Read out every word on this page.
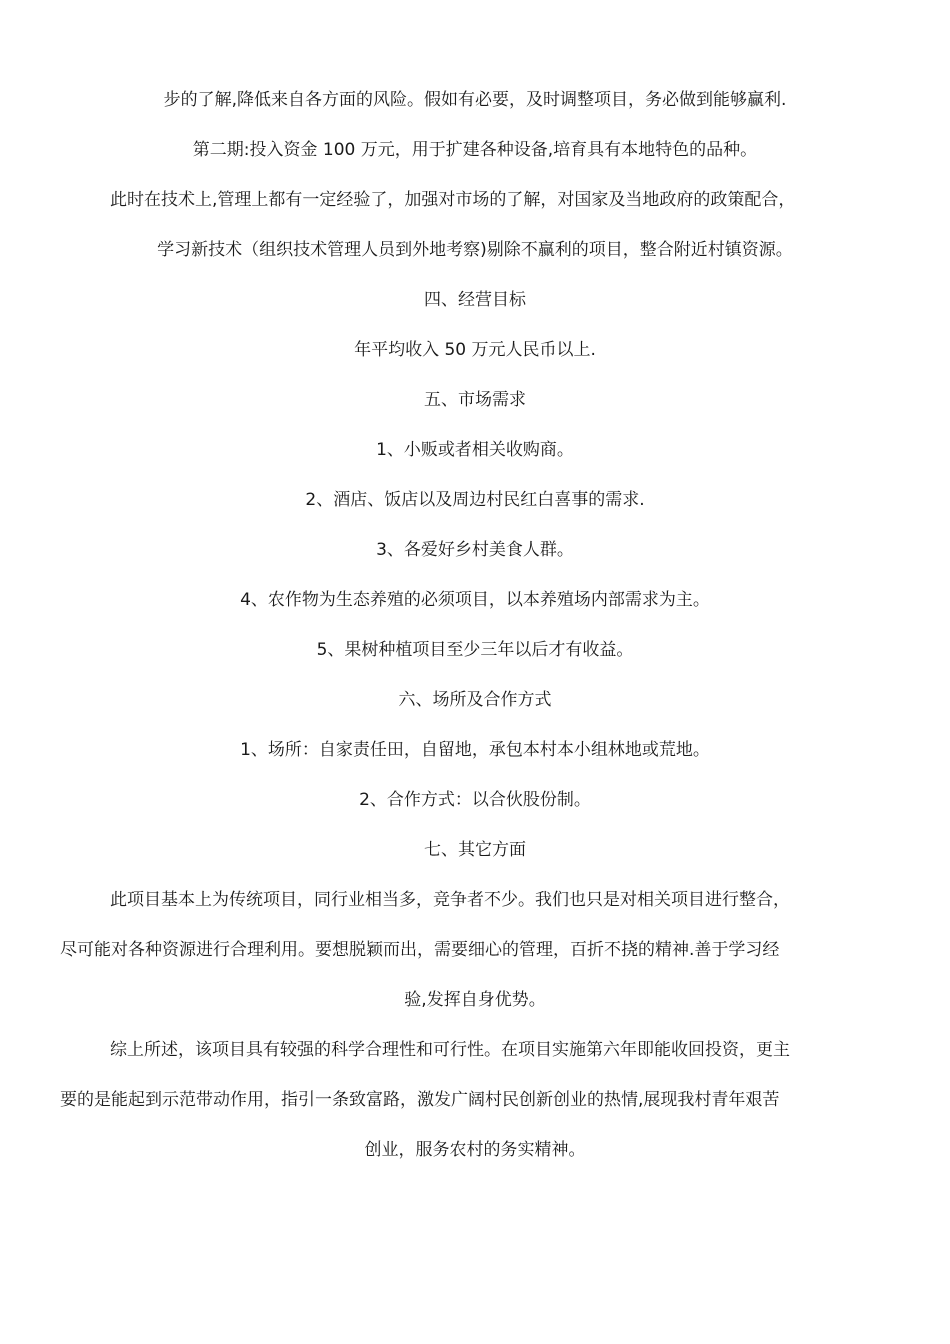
步的了解,降低来自各方面的风险。假如有必要，及时调整项目，务必做到能够赢利.
第二期:投入资金 100 万元，用于扩建各种设备,培育具有本地特色的品种。
此时在技术上,管理上都有一定经验了，加强对市场的了解，对国家及当地政府的政策配合，
学习新技术（组织技术管理人员到外地考察)剔除不赢利的项目，整合附近村镇资源。
四、经营目标
年平均收入 50 万元人民币以上.
五、市场需求
1、小贩或者相关收购商。
2、酒店、饭店以及周边村民红白喜事的需求.
3、各爱好乡村美食人群。
4、农作物为生态养殖的必须项目，以本养殖场内部需求为主。
5、果树种植项目至少三年以后才有收益。
六、场所及合作方式
1、场所：自家责任田，自留地，承包本村本小组林地或荒地。
2、合作方式：以合伙股份制。
七、其它方面
此项目基本上为传统项目，同行业相当多，竞争者不少。我们也只是对相关项目进行整合，
尽可能对各种资源进行合理利用。要想脱颖而出，需要细心的管理，百折不挠的精神.善于学习经
验,发挥自身优势。
综上所述，该项目具有较强的科学合理性和可行性。在项目实施第六年即能收回投资，更主
要的是能起到示范带动作用，指引一条致富路，激发广阔村民创新创业的热情,展现我村青年艰苦
创业，服务农村的务实精神。
